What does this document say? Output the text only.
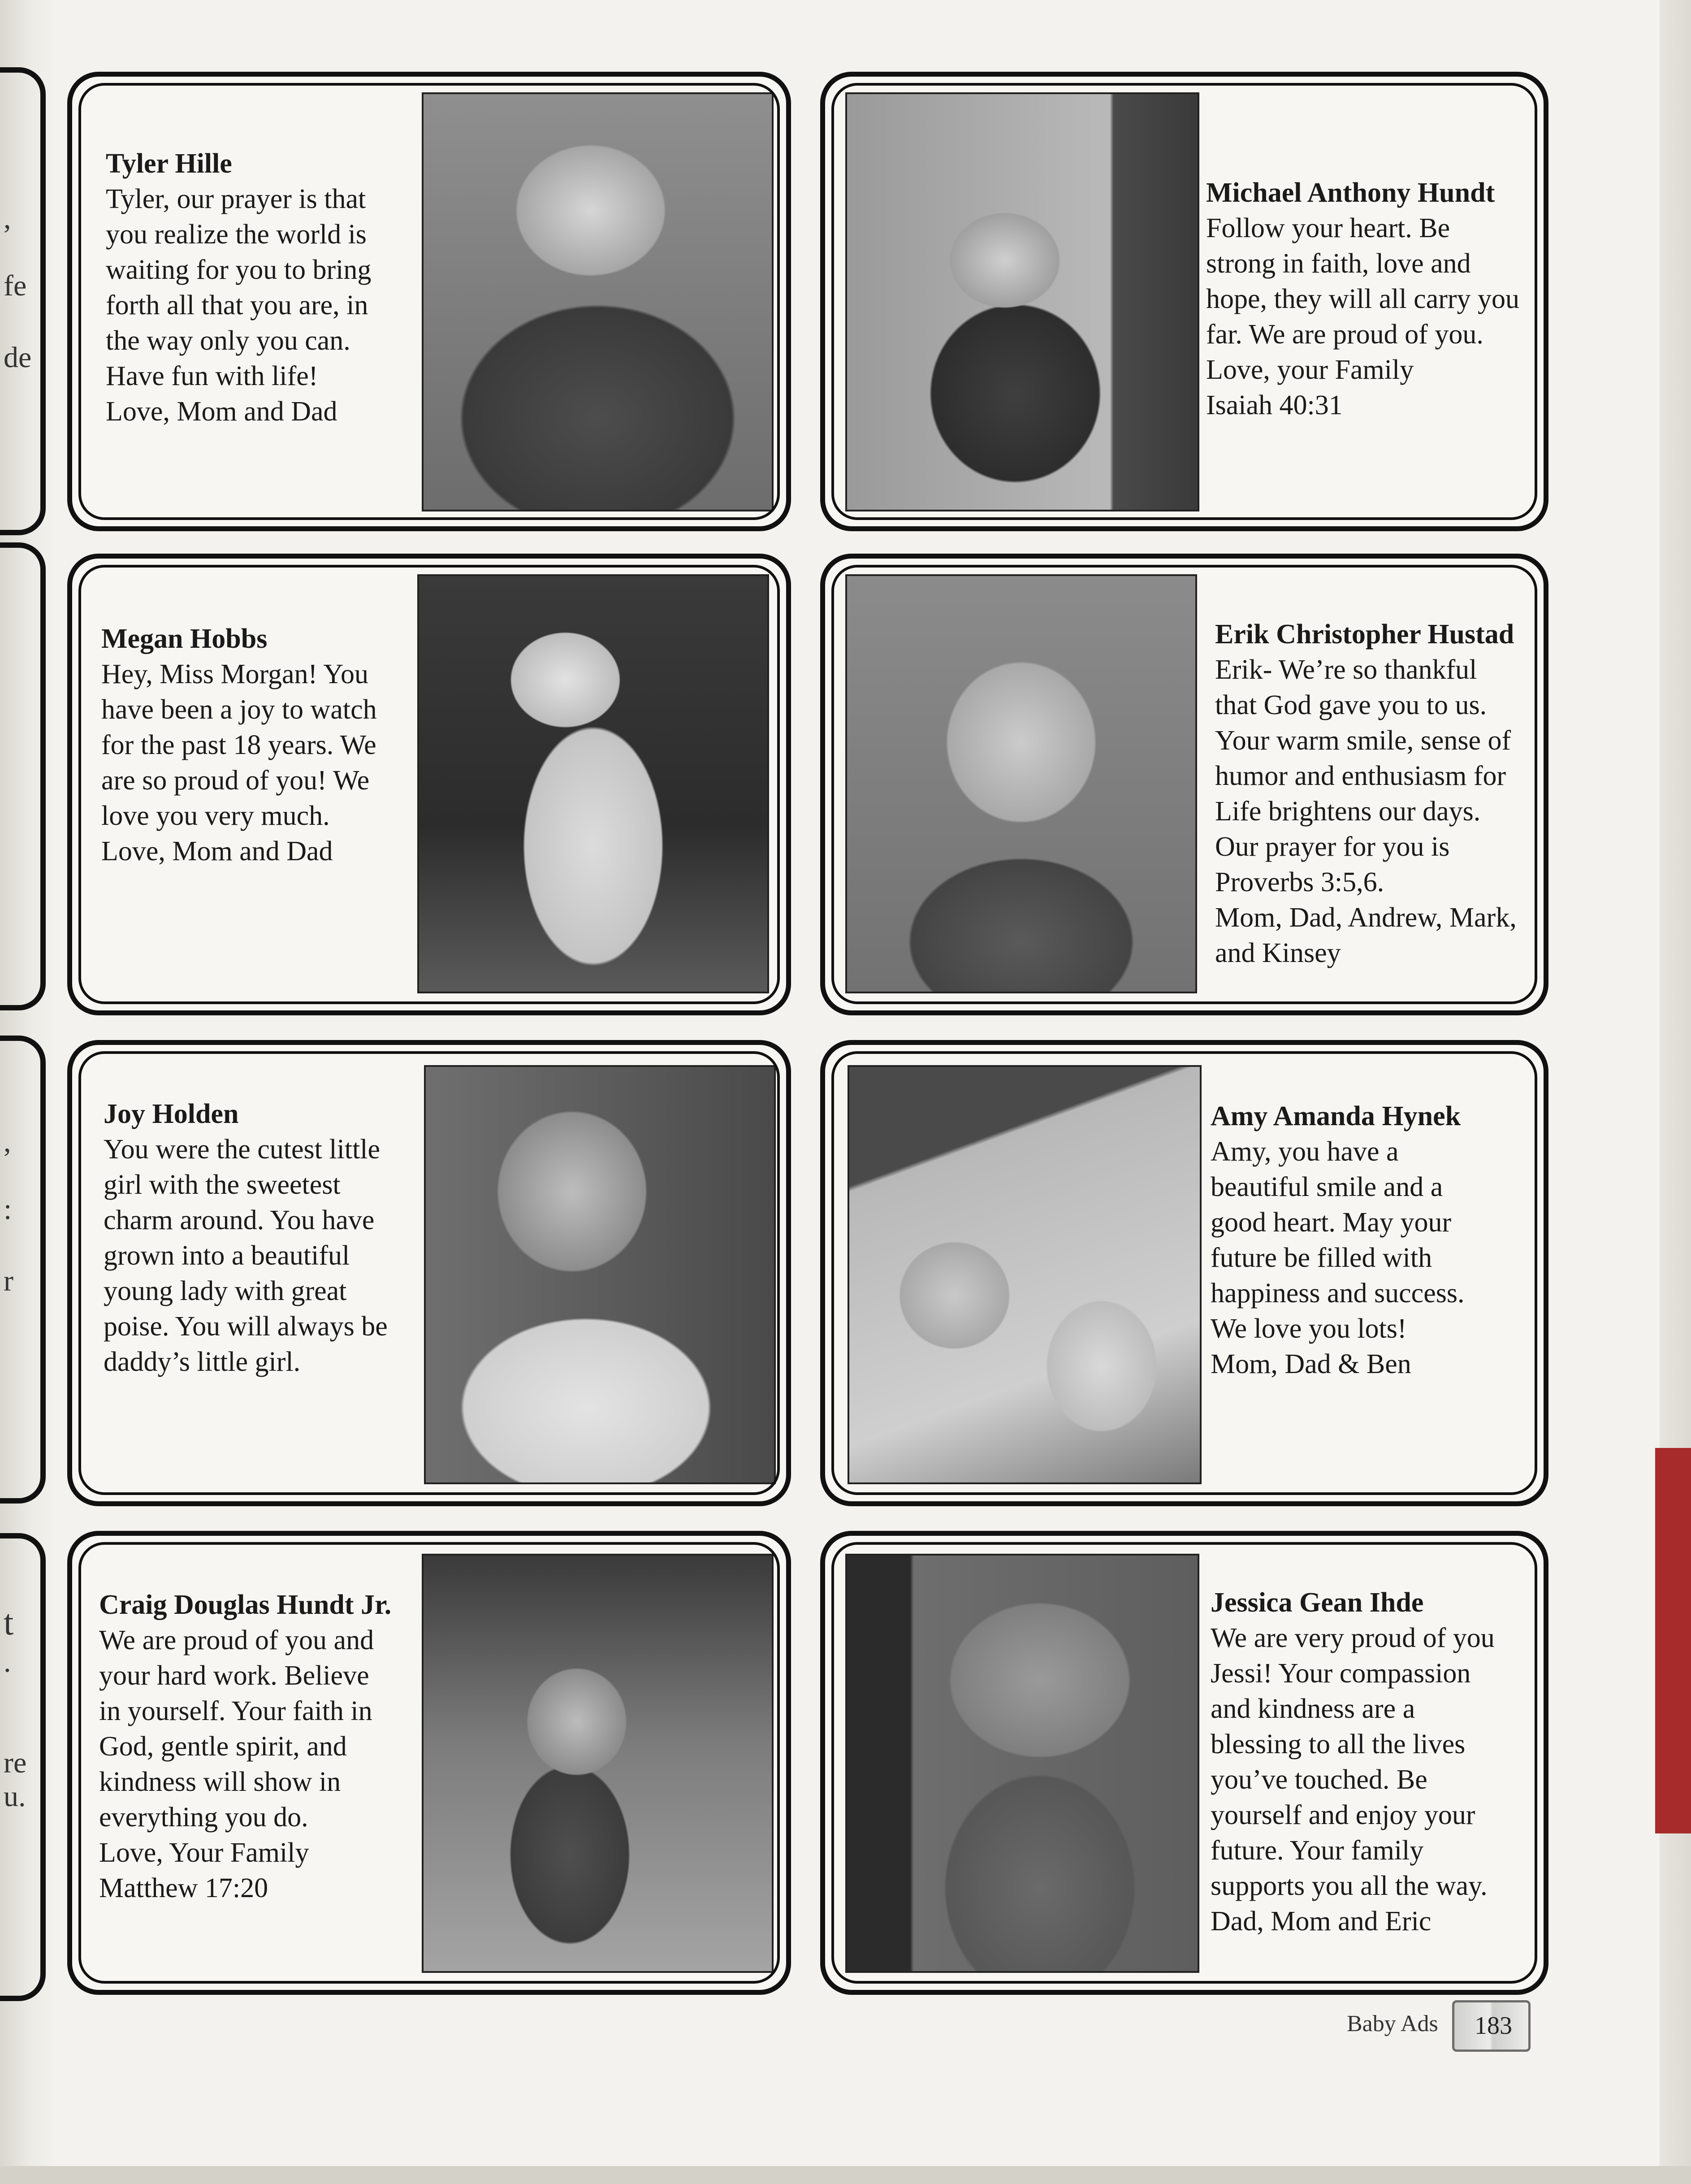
,
fe
de
,
:
r
t
.
re
u.
Tyler Hille
Tyler, our prayer is that
you realize the world is
waiting for you to bring
forth all that you are, in
the way only you can.
Have fun with life!
Love, Mom and Dad
Michael Anthony Hundt
Follow your heart. Be
strong in faith, love and
hope, they will all carry you
far. We are proud of you.
Love, your Family
Isaiah 40:31
Megan Hobbs
Hey, Miss Morgan! You
have been a joy to watch
for the past 18 years. We
are so proud of you! We
love you very much.
Love, Mom and Dad
Erik Christopher Hustad
Erik- We’re so thankful
that God gave you to us.
Your warm smile, sense of
humor and enthusiasm for
Life brightens our days.
Our prayer for you is
Proverbs 3:5,6.
Mom, Dad, Andrew, Mark,
and Kinsey
Joy Holden
You were the cutest little
girl with the sweetest
charm around. You have
grown into a beautiful
young lady with great
poise. You will always be
daddy’s little girl.
Amy Amanda Hynek
Amy, you have a
beautiful smile and a
good heart. May your
future be filled with
happiness and success.
We love you lots!
Mom, Dad & Ben
Craig Douglas Hundt Jr.
We are proud of you and
your hard work. Believe
in yourself. Your faith in
God, gentle spirit, and
kindness will show in
everything you do.
Love, Your Family
Matthew 17:20
Jessica Gean Ihde
We are very proud of you
Jessi! Your compassion
and kindness are a
blessing to all the lives
you’ve touched. Be
yourself and enjoy your
future. Your family
supports you all the way.
Dad, Mom and Eric
Baby Ads 183
